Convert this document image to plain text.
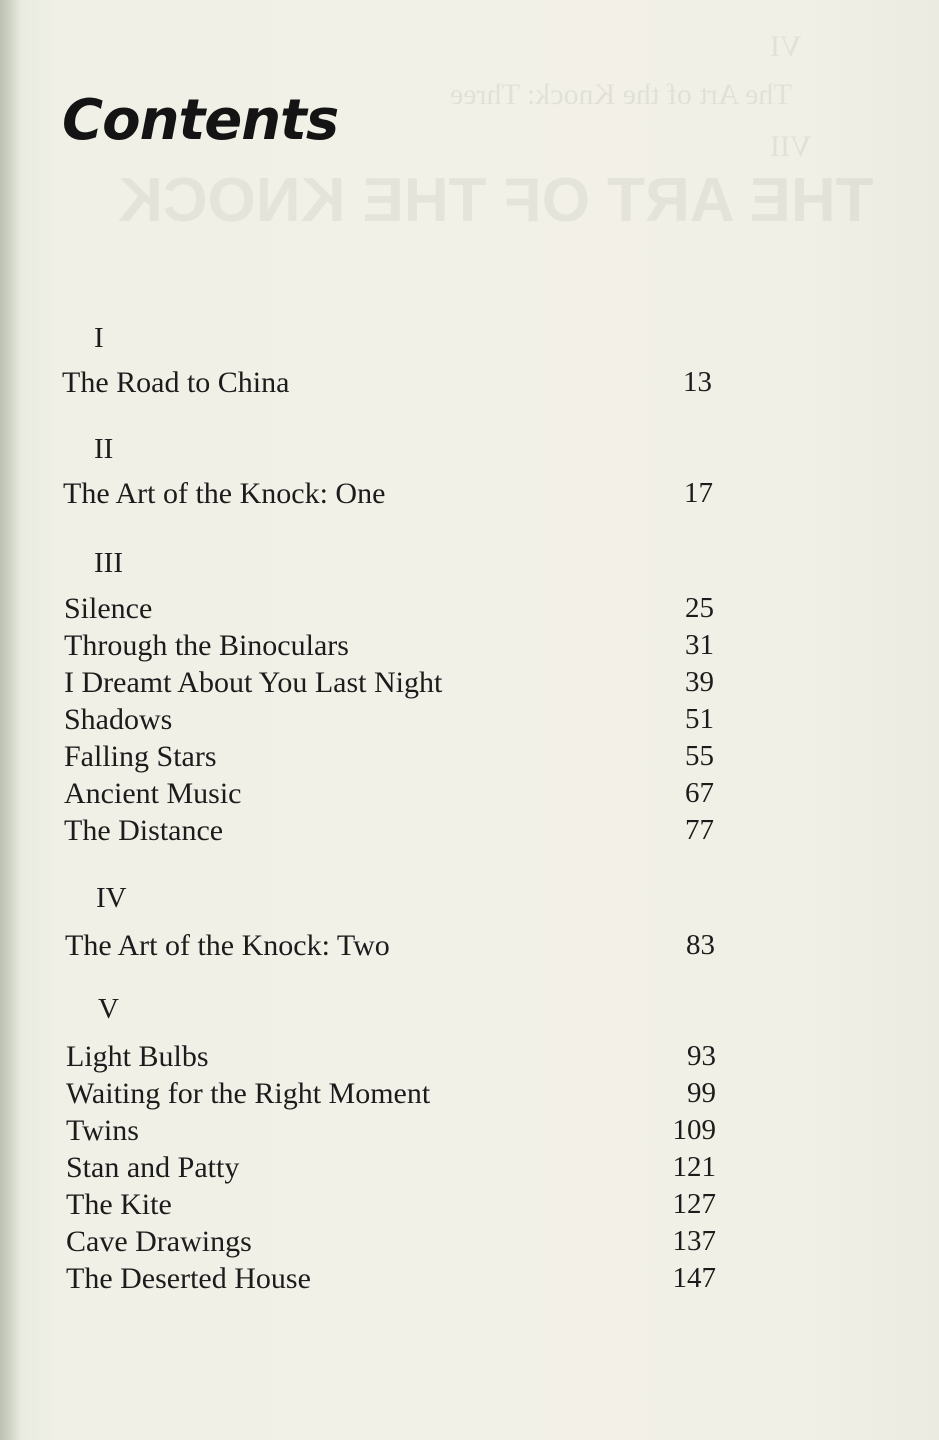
VI
The Art of the Knock: Three
VII
THE ART OF THE KNOCK
Contents
I
The Road to China	13
II
The Art of the Knock: One	17
III
Silence	25
Through the Binoculars	31
I Dreamt About You Last Night	39
Shadows	51
Falling Stars	55
Ancient Music	67
The Distance	77
IV
The Art of the Knock: Two	83
V
Light Bulbs	93
Waiting for the Right Moment	99
Twins	109
Stan and Patty	121
The Kite	127
Cave Drawings	137
The Deserted House	147
